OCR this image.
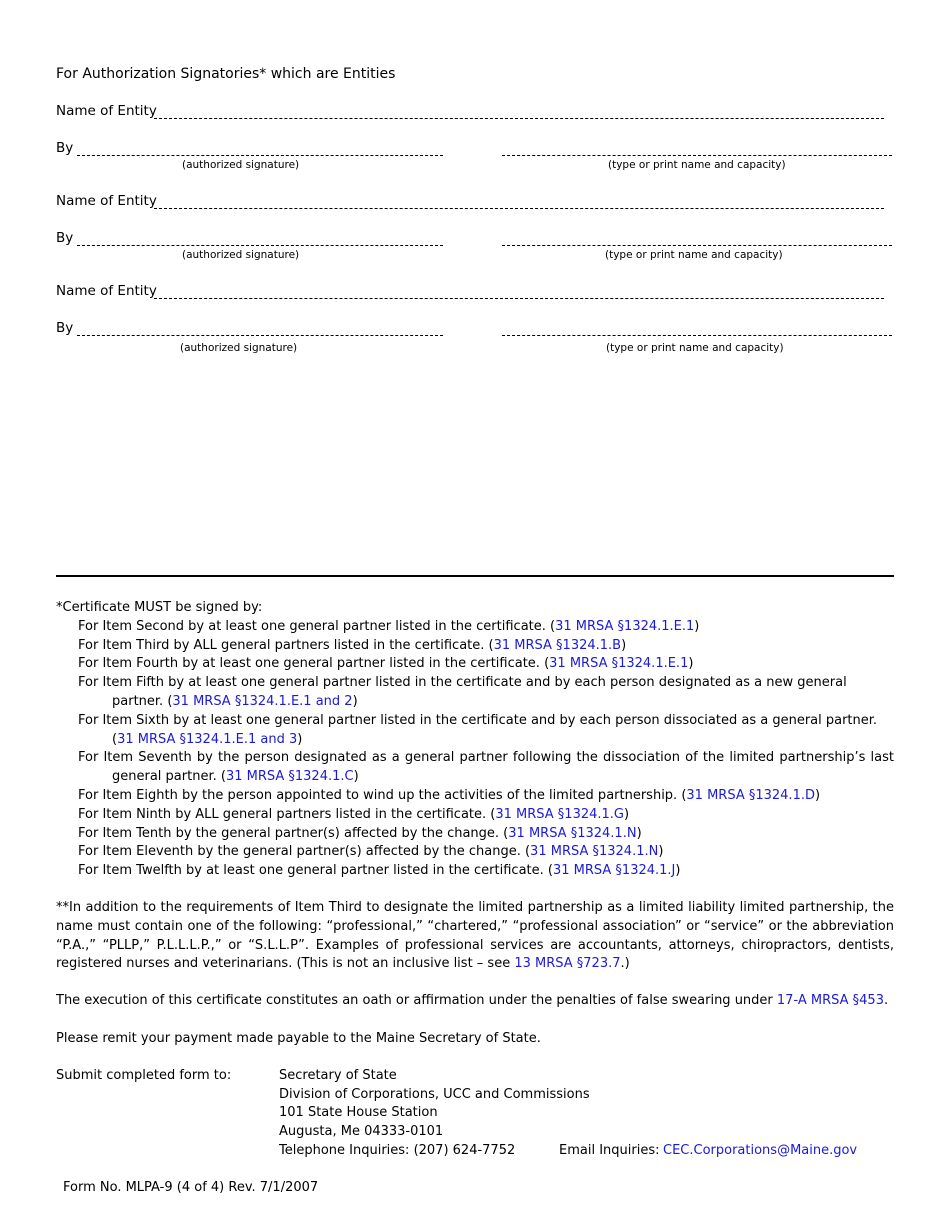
For Authorization Signatories* which are Entities
Name of Entity
By
(authorized signature)	(type or print name and capacity)
Name of Entity
By
(authorized signature)	(type or print name and capacity)
Name of Entity
By
(authorized signature)	(type or print name and capacity)

*Certificate MUST be signed by:

For Item Second by at least one general partner listed in the certificate. (31 MRSA §1324.1.E.1)

For Item Third by ALL general partners listed in the certificate. (31 MRSA §1324.1.B)

For Item Fourth by at least one general partner listed in the certificate. (31 MRSA §1324.1.E.1)

For Item Fifth by at least one general partner listed in the certificate and by each person designated as a new general partner. (31 MRSA §1324.1.E.1 and 2)

For Item Sixth by at least one general partner listed in the certificate and by each person dissociated as a general partner. (31 MRSA §1324.1.E.1 and 3)

For Item Seventh by the person designated as a general partner following the dissociation of the limited partnership’s last general partner. (31 MRSA §1324.1.C)

For Item Eighth by the person appointed to wind up the activities of the limited partnership. (31 MRSA §1324.1.D)

For Item Ninth by ALL general partners listed in the certificate. (31 MRSA §1324.1.G)

For Item Tenth by the general partner(s) affected by the change. (31 MRSA §1324.1.N)

For Item Eleventh by the general partner(s) affected by the change. (31 MRSA §1324.1.N)

For Item Twelfth by at least one general partner listed in the certificate. (31 MRSA §1324.1.J)

**In addition to the requirements of Item Third to designate the limited partnership as a limited liability limited partnership, the name must contain one of the following: “professional,” “chartered,” “professional association” or “service” or the abbreviation “P.A.,” “PLLP,” P.L.L.L.P.,” or “S.L.L.P”. Examples of professional services are accountants, attorneys, chiropractors, dentists, registered nurses and veterinarians. (This is not an inclusive list – see 13 MRSA §723.7.)
The execution of this certificate constitutes an oath or affirmation under the penalties of false swearing under 17-A MRSA §453.
Please remit your payment made payable to the Maine Secretary of State.
Submit completed form to:	Secretary of State
Division of Corporations, UCC and Commissions
101 State House Station
Augusta, Me 04333-0101
Telephone Inquiries: (207) 624-7752	Email Inquiries: CEC.Corporations@Maine.gov
Form No. MLPA-9 (4 of 4) Rev. 7/1/2007
